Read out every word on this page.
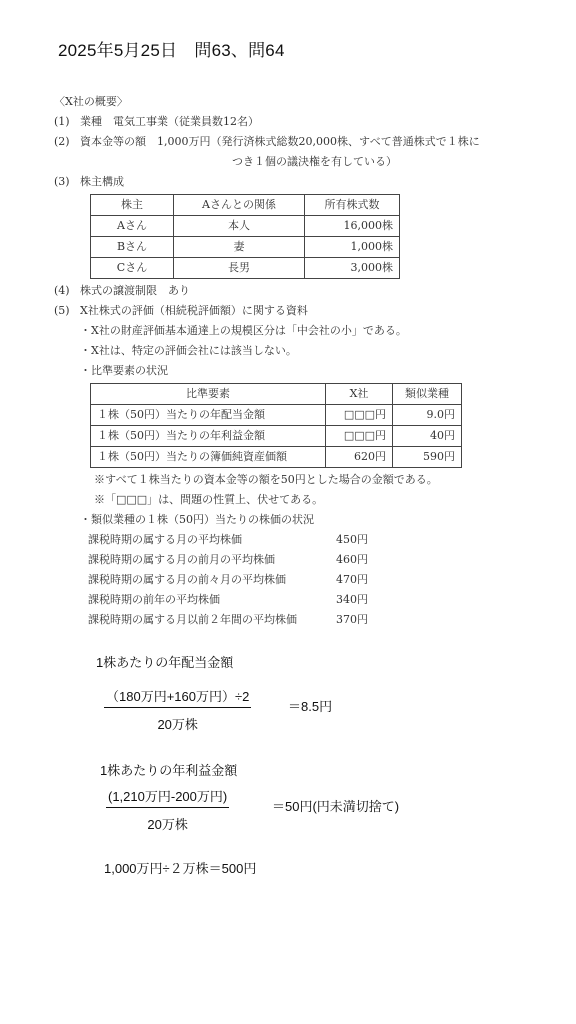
2025年5月25日　問63、問64
〈X社の概要〉
(1) 業種　電気工事業（従業員数12名）
(2) 資本金等の額　1,000万円（発行済株式総数20,000株、すべて普通株式で１株に
つき１個の議決権を有している）
(3) 株主構成
株主	Aさんとの関係	所有株式数
Aさん	本人	16,000株
Bさん	妻	1,000株
Cさん	長男	3,000株
(4) 株式の譲渡制限　あり
(5) X社株式の評価（相続税評価額）に関する資料
・X社の財産評価基本通達上の規模区分は「中会社の小」である。
・X社は、特定の評価会社には該当しない。
・比準要素の状況
比準要素	X社	類似業種
１株（50円）当たりの年配当金額	□□□円	9.0円
１株（50円）当たりの年利益金額	□□□円	40円
１株（50円）当たりの簿価純資産価額	620円	590円
※すべて１株当たりの資本金等の額を50円とした場合の金額である。
※「□□□」は、問題の性質上、伏せてある。
・類似業種の１株（50円）当たりの株価の状況
課税時期の属する月の平均株価	450円
課税時期の属する月の前月の平均株価	460円
課税時期の属する月の前々月の平均株価	470円
課税時期の前年の平均株価	340円
課税時期の属する月以前２年間の平均株価	370円
1株あたりの年配当金額
（180万円+160万円）÷2
20万株
＝8.5円
1株あたりの年利益金額
(1,210万円-200万円)
20万株
＝50円(円未満切捨て)
1,000万円÷２万株＝500円
